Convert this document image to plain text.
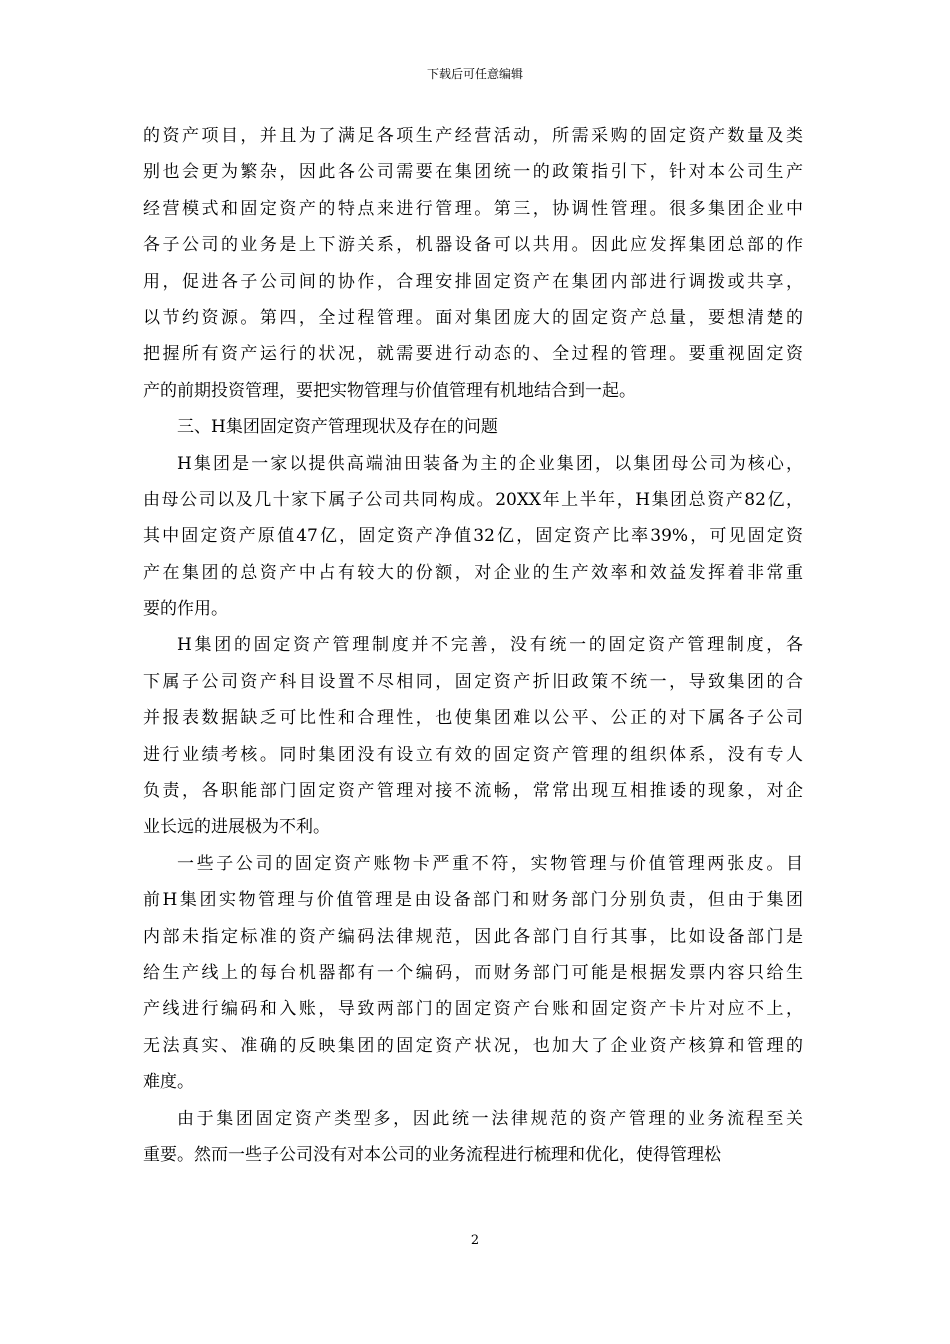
下载后可任意编辑
的资产项目，并且为了满足各项生产经营活动，所需采购的固定资产数量及类
别也会更为繁杂，因此各公司需要在集团统一的政策指引下，针对本公司生产
经营模式和固定资产的特点来进行管理。第三，协调性管理。很多集团企业中
各子公司的业务是上下游关系，机器设备可以共用。因此应发挥集团总部的作
用，促进各子公司间的协作，合理安排固定资产在集团内部进行调拨或共享，
以节约资源。第四，全过程管理。面对集团庞大的固定资产总量，要想清楚的
把握所有资产运行的状况，就需要进行动态的、全过程的管理。要重视固定资
产的前期投资管理，要把实物管理与价值管理有机地结合到一起。
三、H集团固定资产管理现状及存在的问题
H集团是一家以提供高端油田装备为主的企业集团，以集团母公司为核心，
由母公司以及几十家下属子公司共同构成。20XX年上半年，H集团总资产82亿，
其中固定资产原值47亿，固定资产净值32亿，固定资产比率39%，可见固定资
产在集团的总资产中占有较大的份额，对企业的生产效率和效益发挥着非常重
要的作用。
H集团的固定资产管理制度并不完善，没有统一的固定资产管理制度，各
下属子公司资产科目设置不尽相同，固定资产折旧政策不统一，导致集团的合
并报表数据缺乏可比性和合理性，也使集团难以公平、公正的对下属各子公司
进行业绩考核。同时集团没有设立有效的固定资产管理的组织体系，没有专人
负责，各职能部门固定资产管理对接不流畅，常常出现互相推诿的现象，对企
业长远的进展极为不利。
一些子公司的固定资产账物卡严重不符，实物管理与价值管理两张皮。目
前H集团实物管理与价值管理是由设备部门和财务部门分别负责，但由于集团
内部未指定标准的资产编码法律规范，因此各部门自行其事，比如设备部门是
给生产线上的每台机器都有一个编码，而财务部门可能是根据发票内容只给生
产线进行编码和入账，导致两部门的固定资产台账和固定资产卡片对应不上，
无法真实、准确的反映集团的固定资产状况，也加大了企业资产核算和管理的
难度。
由于集团固定资产类型多，因此统一法律规范的资产管理的业务流程至关
重要。然而一些子公司没有对本公司的业务流程进行梳理和优化，使得管理松
2
